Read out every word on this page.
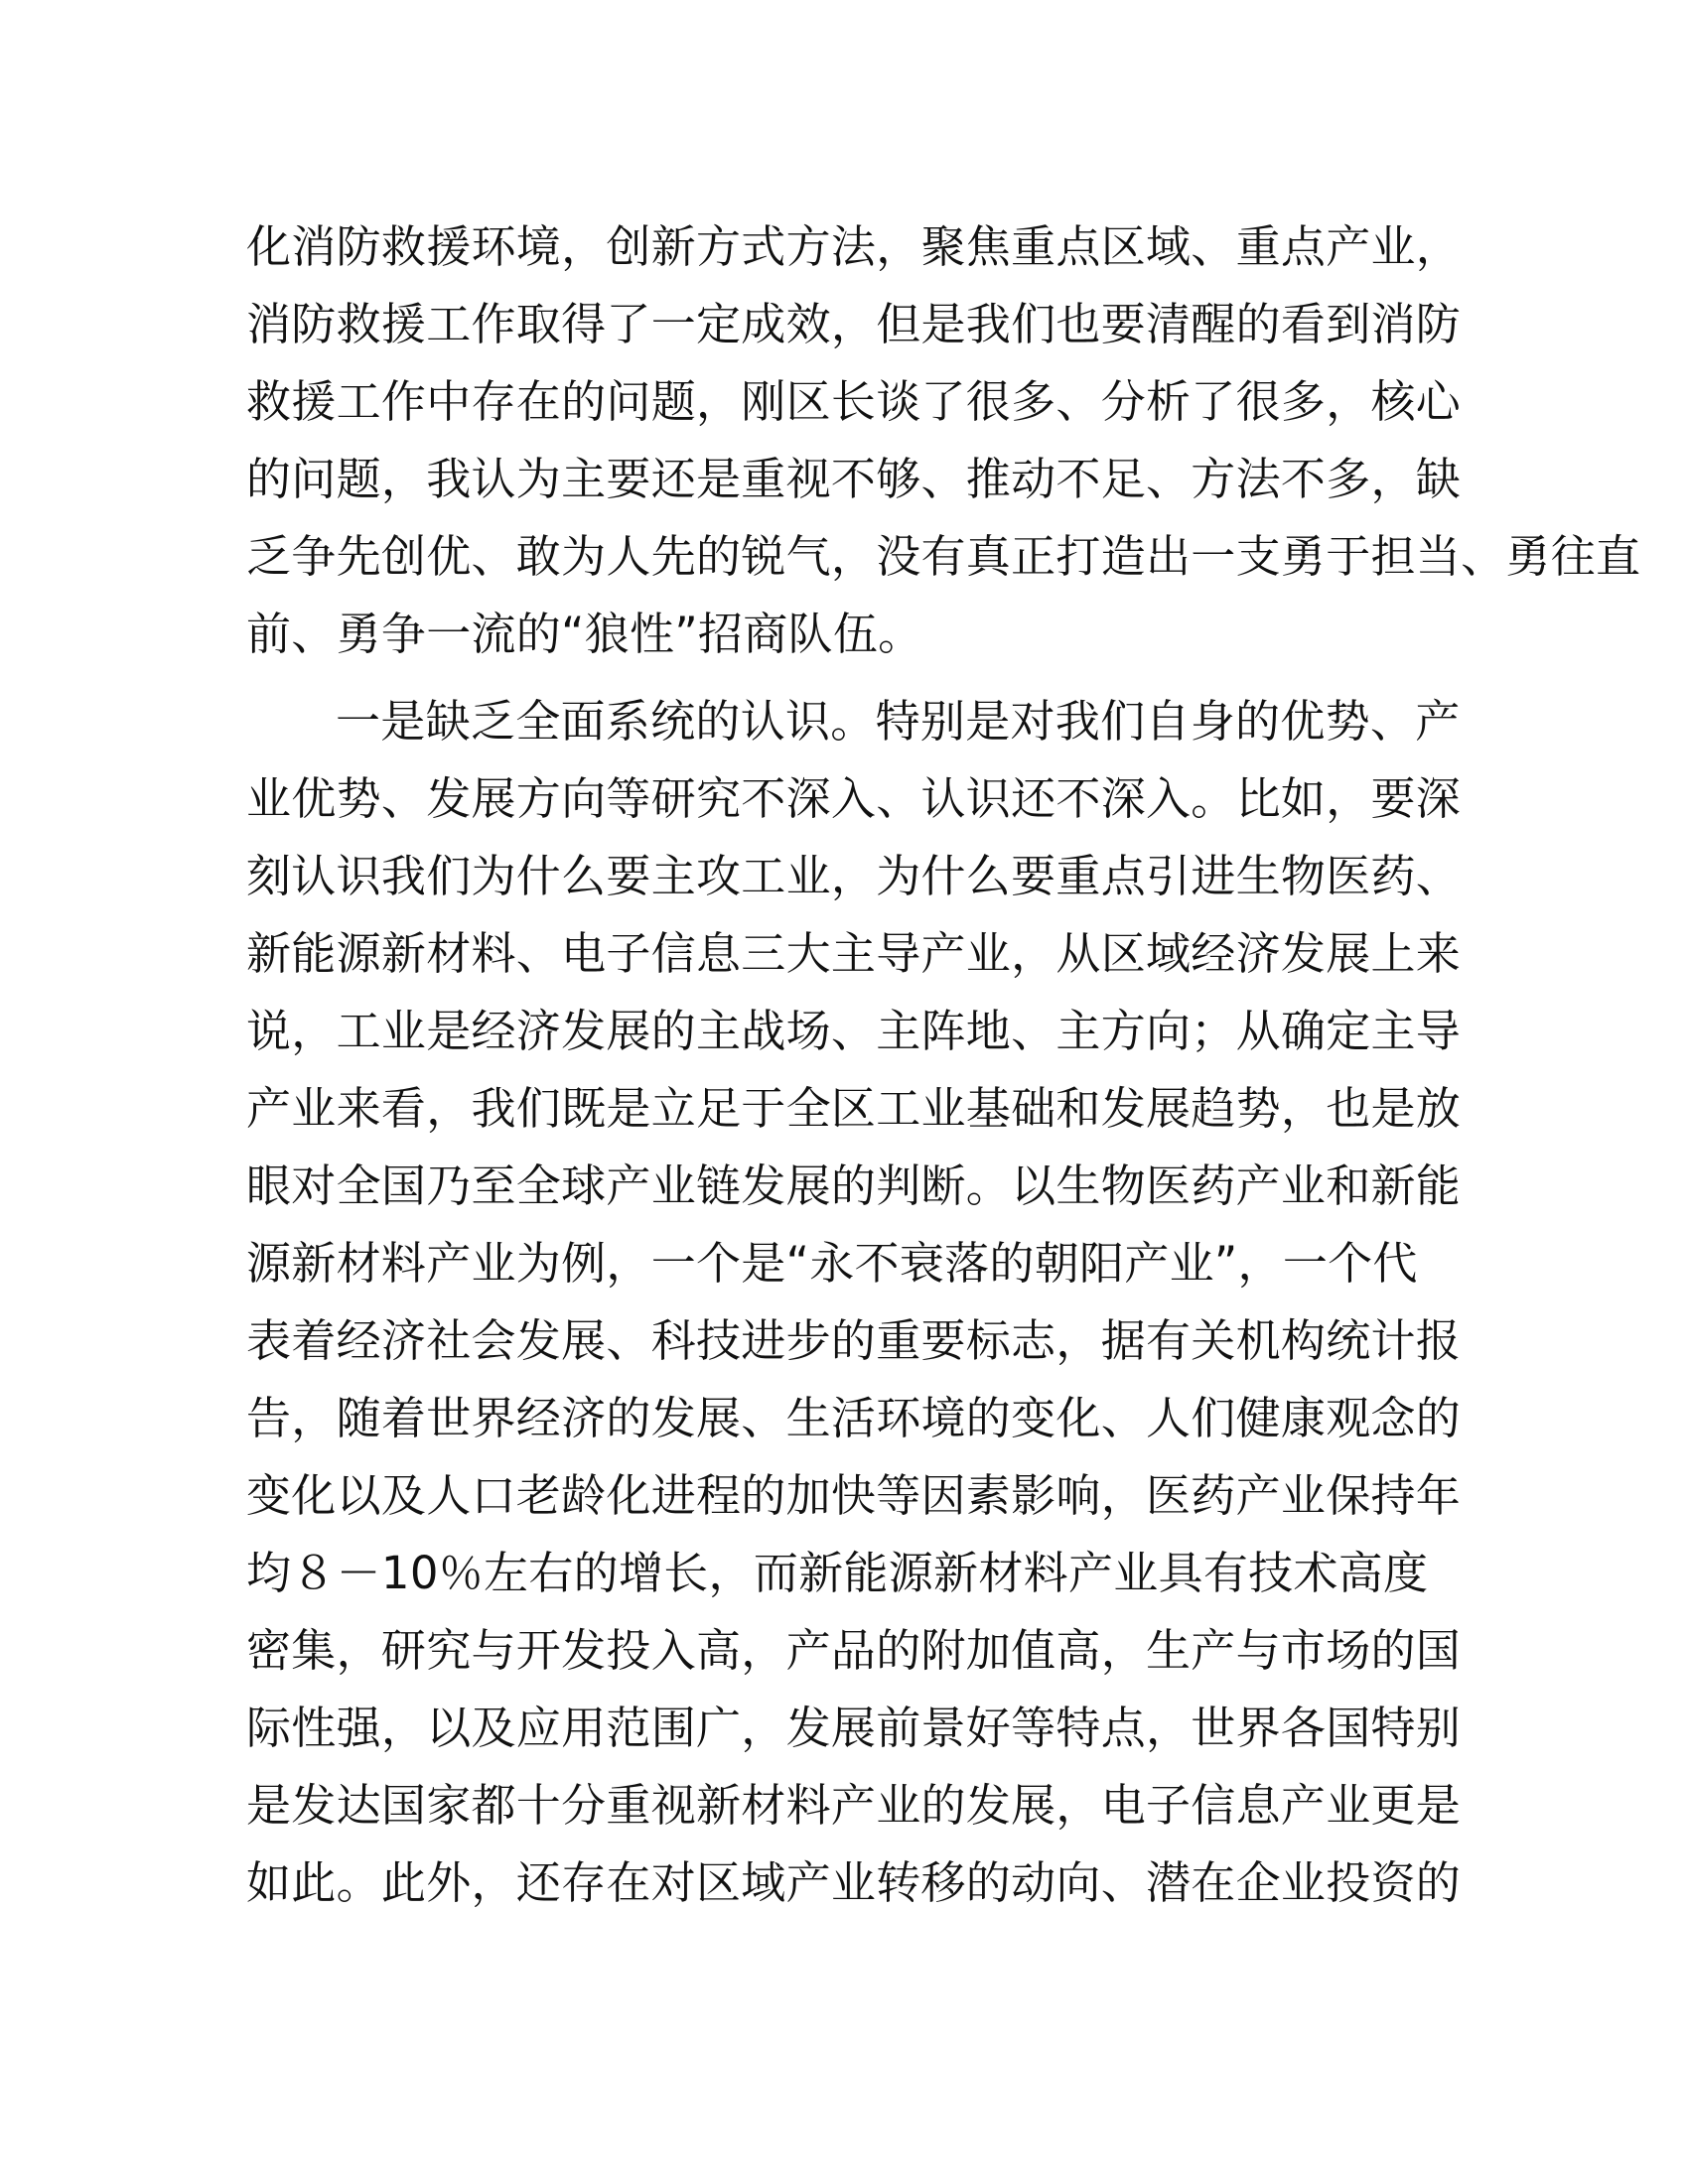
化消防救援环境，创新方式方法，聚焦重点区域、重点产业，
消防救援工作取得了一定成效，但是我们也要清醒的看到消防
救援工作中存在的问题，刚区长谈了很多、分析了很多，核心
的问题，我认为主要还是重视不够、推动不足、方法不多，缺
乏争先创优、敢为人先的锐气，没有真正打造出一支勇于担当、勇往直
前、勇争一流的“狼性”招商队伍。
一是缺乏全面系统的认识。特别是对我们自身的优势、产
业优势、发展方向等研究不深入、认识还不深入。比如，要深
刻认识我们为什么要主攻工业，为什么要重点引进生物医药、
新能源新材料、电子信息三大主导产业，从区域经济发展上来
说，工业是经济发展的主战场、主阵地、主方向；从确定主导
产业来看，我们既是立足于全区工业基础和发展趋势，也是放
眼对全国乃至全球产业链发展的判断。以生物医药产业和新能
源新材料产业为例，一个是“永不衰落的朝阳产业”，一个代
表着经济社会发展、科技进步的重要标志，据有关机构统计报
告，随着世界经济的发展、生活环境的变化、人们健康观念的
变化以及人口老龄化进程的加快等因素影响，医药产业保持年
均８－10％左右的增长，而新能源新材料产业具有技术高度
密集，研究与开发投入高，产品的附加值高，生产与市场的国
际性强，以及应用范围广，发展前景好等特点，世界各国特别
是发达国家都十分重视新材料产业的发展，电子信息产业更是
如此。此外，还存在对区域产业转移的动向、潜在企业投资的
